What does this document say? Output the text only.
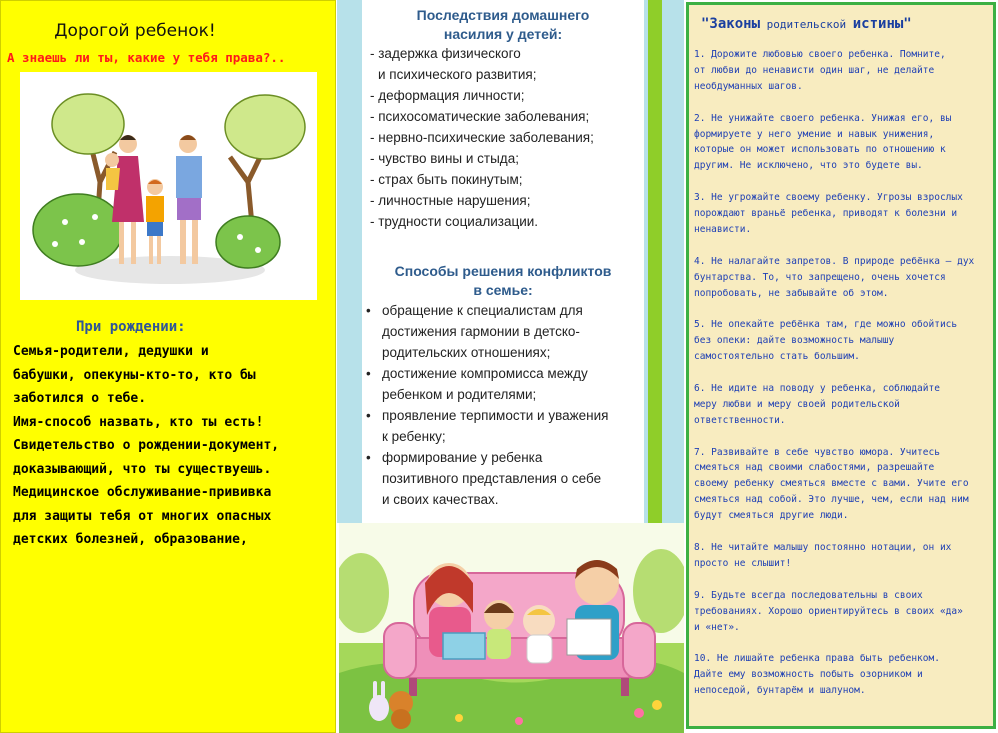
Дорогой ребенок!
А знаешь ли ты, какие у тебя права?..
При рождении:
Семья-родители, дедушки и
бабушки, опекуны-кто-то, кто бы
заботился о тебе.
Имя-способ назвать, кто ты есть!
Свидетельство о рождении-документ,
доказывающий, что ты существуешь.
Медицинское обслуживание-прививка
для защиты тебя от многих опасных
детских болезней, образование,
Последствия домашнего
насилия у детей:
- задержка физического
и психического развития;
- деформация личности;
- психосоматические заболевания;
- нервно-психические заболевания;
- чувство вины и стыда;
- страх быть покинутым;
- личностные нарушения;
- трудности социализации.
Способы решения конфликтов
в семье:
• обращение к специалистам для
достижения гармонии в детско-
родительских отношениях;
• достижение компромисса между
ребенком и родителями;
• проявление терпимости и уважения
к ребенку;
• формирование у ребенка
позитивного представления о себе
и своих качествах.
"Законы родительской истины"
1. Дорожите любовью своего ребенка. Помните,
от любви до ненависти один шаг, не делайте
необдуманных шагов.
2. Не унижайте своего ребенка. Унижая его, вы
формируете у него умение и навык унижения,
которые он может использовать по отношению к
другим. Не исключено, что это будете вы.
3. Не угрожайте своему ребенку. Угрозы взрослых
порождают враньё ребенка, приводят к болезни и
ненависти.
4. Не налагайте запретов. В природе ребёнка – дух
бунтарства. То, что запрещено, очень хочется
попробовать, не забывайте об этом.
5. Не опекайте ребёнка там, где можно обойтись
без опеки: дайте возможность малышу
самостоятельно стать большим.
6. Не идите на поводу у ребенка, соблюдайте
меру любви и меру своей родительской
ответственности.
7. Развивайте в себе чувство юмора. Учитесь
смеяться над своими слабостями, разрешайте
своему ребенку смеяться вместе с вами. Учите его
смеяться над собой. Это лучше, чем, если над ним
будут смеяться другие люди.
8. Не читайте малышу постоянно нотации, он их
просто не слышит!
9. Будьте всегда последовательны в своих
требованиях. Хорошо ориентируйтесь в своих «да»
и «нет».
10. Не лишайте ребенка права быть ребенком.
Дайте ему возможность побыть озорником и
непоседой, бунтарём и шалуном.
